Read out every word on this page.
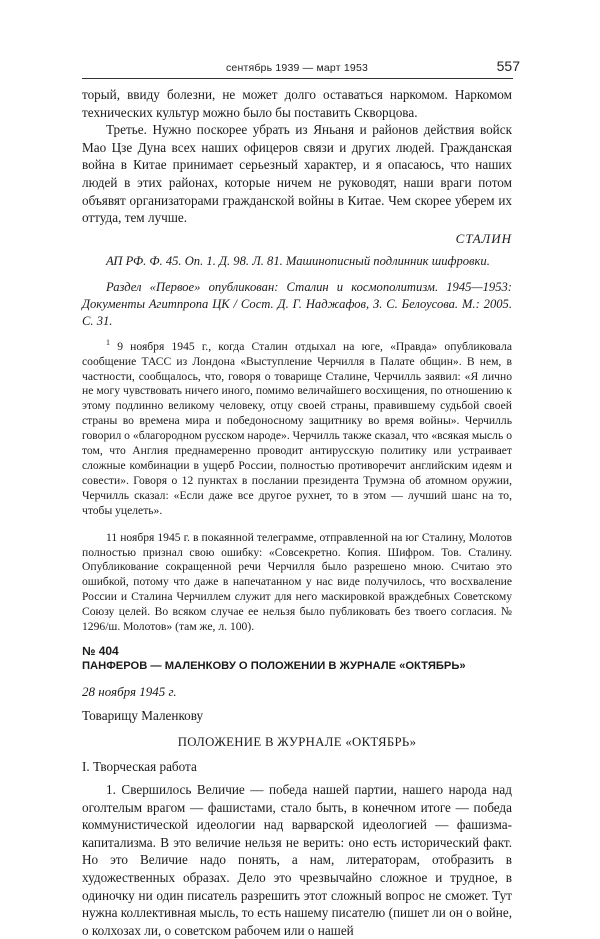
сентябрь 1939 — март 1953	557

торый, ввиду болезни, не может долго оставаться наркомом. Наркомом технических культур можно было бы поставить Скворцова.

Третье. Нужно поскорее убрать из Яньаня и районов действия войск Мао Цзе Дуна всех наших офицеров связи и других людей. Гражданская война в Китае принимает серьезный характер, и я опасаюсь, что наших людей в этих районах, которые ничем не руководят, наши враги потом объявят организаторами гражданской войны в Китае. Чем скорее уберем их оттуда, тем лучше.

СТАЛИН

АП РФ. Ф. 45. Оп. 1. Д. 98. Л. 81. Машинописный подлинник шифровки.

Раздел «Первое» опубликован: Сталин и космополитизм. 1945—1953: Документы Агитпропа ЦК / Сост. Д. Г. Наджафов, З. С. Белоусова. М.: 2005. С. 31.

$^1$ 9 ноября 1945 г., когда Сталин отдыхал на юге, «Правда» опубликовала сообщение ТАСС из Лондона «Выступление Черчилля в Палате общин». В нем, в частности, сообщалось, что, говоря о товарище Сталине, Черчилль заявил: «Я лично не могу чувствовать ничего иного, помимо величайшего восхищения, по отношению к этому подлинно великому человеку, отцу своей страны, правившему судьбой своей страны во времена мира и победоносному защитнику во время войны». Черчилль говорил о «благородном русском народе». Черчилль также сказал, что «всякая мысль о том, что Англия преднамеренно проводит антирусскую политику или устраивает сложные комбинации в ущерб России, полностью противоречит английским идеям и совести». Говоря о 12 пунктах в послании президента Трумэна об атомном оружии, Черчилль сказал: «Если даже все другое рухнет, то в этом — лучший шанс на то, чтобы уцелеть».

11 ноября 1945 г. в покаянной телеграмме, отправленной на юг Сталину, Молотов полностью признал свою ошибку: «Совсекретно. Копия. Шифром. Тов. Сталину. Опубликование сокращенной речи Черчилля было разрешено мною. Считаю это ошибкой, потому что даже в напечатанном у нас виде получилось, что восхваление России и Сталина Черчиллем служит для него маскировкой враждебных Советскому Союзу целей. Во всяком случае ее нельзя было публиковать без твоего согласия. № 1296/ш. Молотов» (там же, л. 100).

№ 404

ПАНФЕРОВ — МАЛЕНКОВУ О ПОЛОЖЕНИИ В ЖУРНАЛЕ «ОКТЯБРЬ»

28 ноября 1945 г.

Товарищу Маленкову

ПОЛОЖЕНИЕ В ЖУРНАЛЕ «ОКТЯБРЬ»

I. Творческая работа

1. Свершилось Величие — победа нашей партии, нашего народа над оголтелым врагом — фашистами, стало быть, в конечном итоге — победа коммунистической идеологии над варварской идеологией — фашизма-капитализма. В это величие нельзя не верить: оно есть исторический факт. Но это Величие надо понять, а нам, литераторам, отобразить в художественных образах. Дело это чрезвычайно сложное и трудное, в одиночку ни один писатель разрешить этот сложный вопрос не сможет. Тут нужна коллективная мысль, то есть нашему писателю (пишет ли он о войне, о колхозах ли, о советском рабочем или о нашей
